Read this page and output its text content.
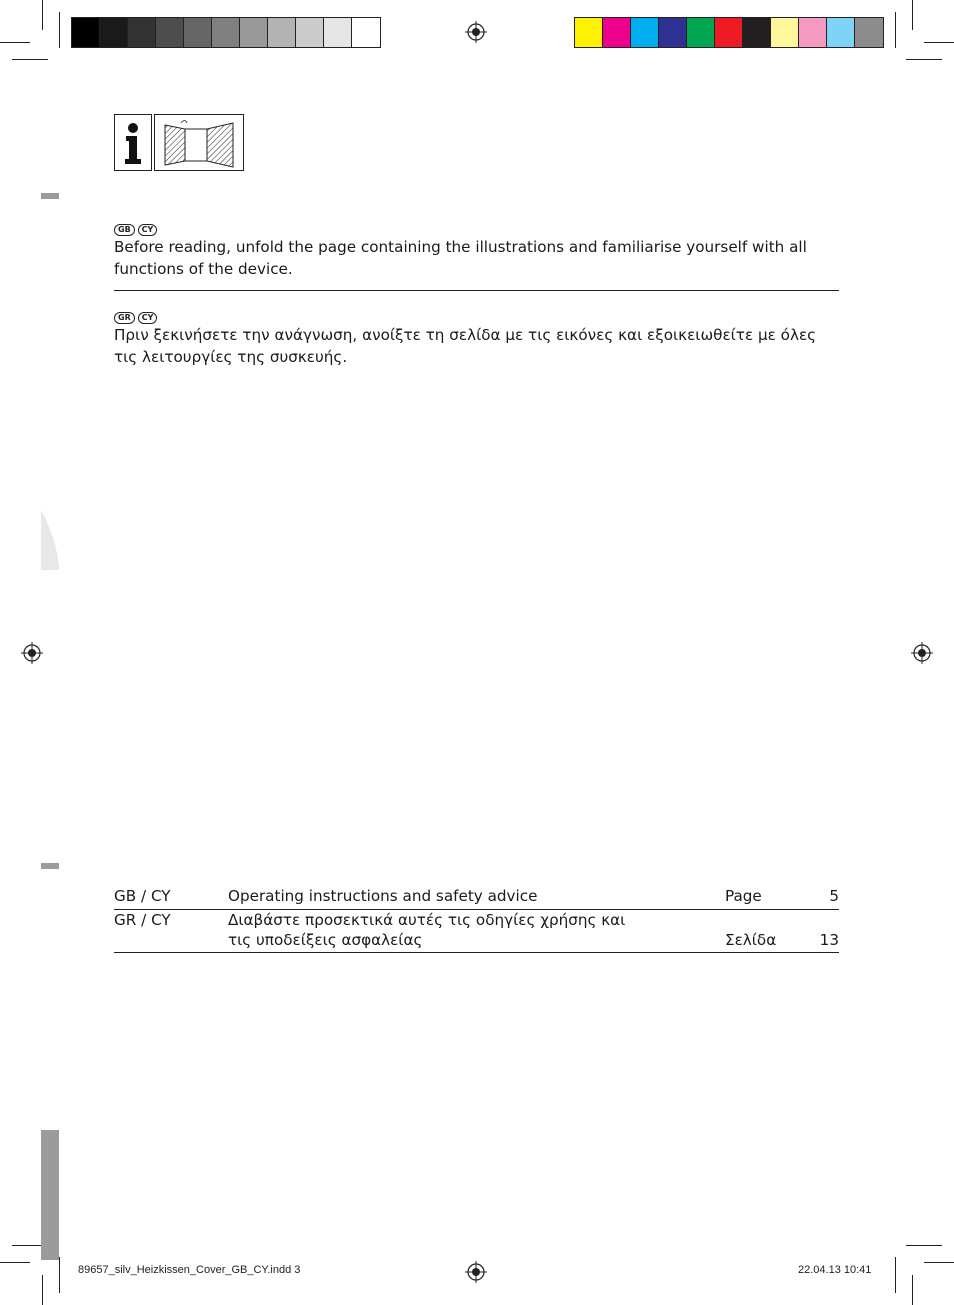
GB CY
Before reading, unfold the page containing the illustrations and familiarise yourself with all functions of the device.
GR CY
Πριν ξεκινήσετε την ανάγνωση, ανοίξτε τη σελίδα με τις εικόνες και εξοικειωθείτε με όλες τις λειτουργίες της συσκευής.
GB / CY	Operating instructions and safety advice	Page	5
GR / CY	Διαβάστε προσεκτικά αυτές τις οδηγίες χρήσης και τις υποδείξεις ασφαλείας	Σελίδα	13
89657_silv_Heizkissen_Cover_GB_CY.indd 3	22.04.13 10:41
